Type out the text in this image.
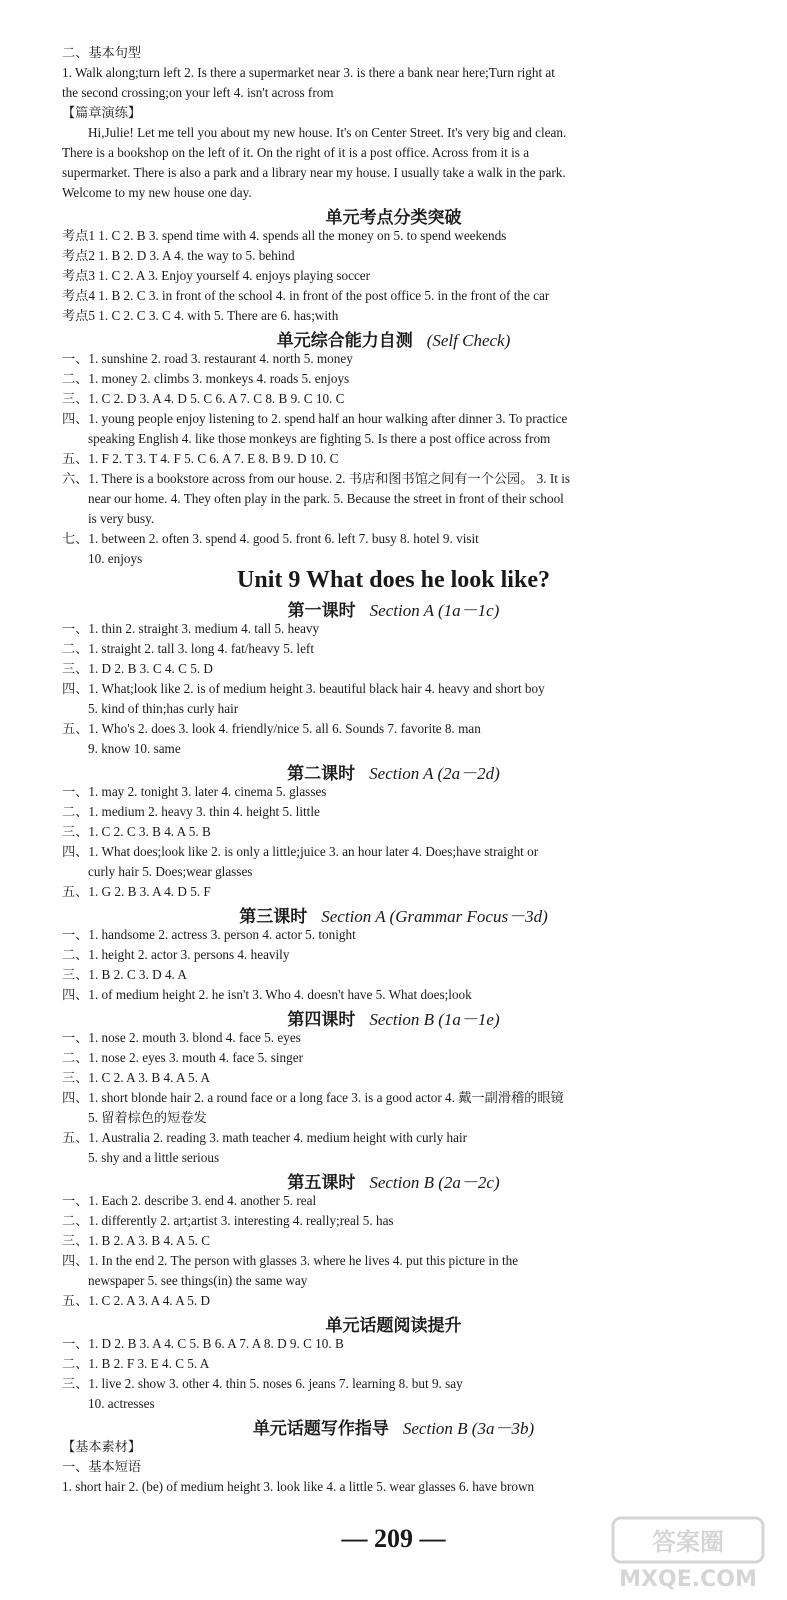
二、基本句型
1. Walk along;turn left 2. Is there a supermarket near 3. is there a bank near here;Turn right at
the second crossing;on your left 4. isn't across from
【篇章演练】
Hi,Julie! Let me tell you about my new house. It's on Center Street. It's very big and clean.
There is a bookshop on the left of it. On the right of it is a post office. Across from it is a
supermarket. There is also a park and a library near my house. I usually take a walk in the park.
Welcome to my new house one day.
考点1 1. C 2. B 3. spend time with 4. spends all the money on 5. to spend weekends
考点2 1. B 2. D 3. A 4. the way to 5. behind
考点3 1. C 2. A 3. Enjoy yourself 4. enjoys playing soccer
考点4 1. B 2. C 3. in front of the school 4. in front of the post office 5. in the front of the car
考点5 1. C 2. C 3. C 4. with 5. There are 6. has;with
一、1. sunshine 2. road 3. restaurant 4. north 5. money
二、1. money 2. climbs 3. monkeys 4. roads 5. enjoys
三、1. C 2. D 3. A 4. D 5. C 6. A 7. C 8. B 9. C 10. C
四、1. young people enjoy listening to 2. spend half an hour walking after dinner 3. To practice
speaking English 4. like those monkeys are fighting 5. Is there a post office across from
五、1. F 2. T 3. T 4. F 5. C 6. A 7. E 8. B 9. D 10. C
六、1. There is a bookstore across from our house. 2. 书店和图书馆之间有一个公园。 3. It is
near our home. 4. They often play in the park. 5. Because the street in front of their school
is very busy.
七、1. between 2. often 3. spend 4. good 5. front 6. left 7. busy 8. hotel 9. visit
10. enjoys
一、1. thin 2. straight 3. medium 4. tall 5. heavy
二、1. straight 2. tall 3. long 4. fat/heavy 5. left
三、1. D 2. B 3. C 4. C 5. D
四、1. What;look like 2. is of medium height 3. beautiful black hair 4. heavy and short boy
5. kind of thin;has curly hair
五、1. Who's 2. does 3. look 4. friendly/nice 5. all 6. Sounds 7. favorite 8. man
9. know 10. same
一、1. may 2. tonight 3. later 4. cinema 5. glasses
二、1. medium 2. heavy 3. thin 4. height 5. little
三、1. C 2. C 3. B 4. A 5. B
四、1. What does;look like 2. is only a little;juice 3. an hour later 4. Does;have straight or
curly hair 5. Does;wear glasses
五、1. G 2. B 3. A 4. D 5. F
一、1. handsome 2. actress 3. person 4. actor 5. tonight
二、1. height 2. actor 3. persons 4. heavily
三、1. B 2. C 3. D 4. A
四、1. of medium height 2. he isn't 3. Who 4. doesn't have 5. What does;look
一、1. nose 2. mouth 3. blond 4. face 5. eyes
二、1. nose 2. eyes 3. mouth 4. face 5. singer
三、1. C 2. A 3. B 4. A 5. A
四、1. short blonde hair 2. a round face or a long face 3. is a good actor 4. 戴一副滑稽的眼镜
5. 留着棕色的短卷发
五、1. Australia 2. reading 3. math teacher 4. medium height with curly hair
5. shy and a little serious
一、1. Each 2. describe 3. end 4. another 5. real
二、1. differently 2. art;artist 3. interesting 4. really;real 5. has
三、1. B 2. A 3. B 4. A 5. C
四、1. In the end 2. The person with glasses 3. where he lives 4. put this picture in the
newspaper 5. see things(in) the same way
五、1. C 2. A 3. A 4. A 5. D
一、1. D 2. B 3. A 4. C 5. B 6. A 7. A 8. D 9. C 10. B
二、1. B 2. F 3. E 4. C 5. A
三、1. live 2. show 3. other 4. thin 5. noses 6. jeans 7. learning 8. but 9. say
10. actresses
【基本素材】
一、基本短语
1. short hair 2. (be) of medium height 3. look like 4. a little 5. wear glasses 6. have brown
单元考点分类突破
单元综合能力自测 (Self Check)
第一课时 Section A (1a－1c)
第二课时 Section A (2a－2d)
第三课时 Section A (Grammar Focus－3d)
第四课时 Section B (1a－1e)
第五课时 Section B (2a－2c)
单元话题阅读提升
单元话题写作指导 Section B (3a－3b)
Unit 9 What does he look like?
— 209 —	答案圈
MXQE.COM
